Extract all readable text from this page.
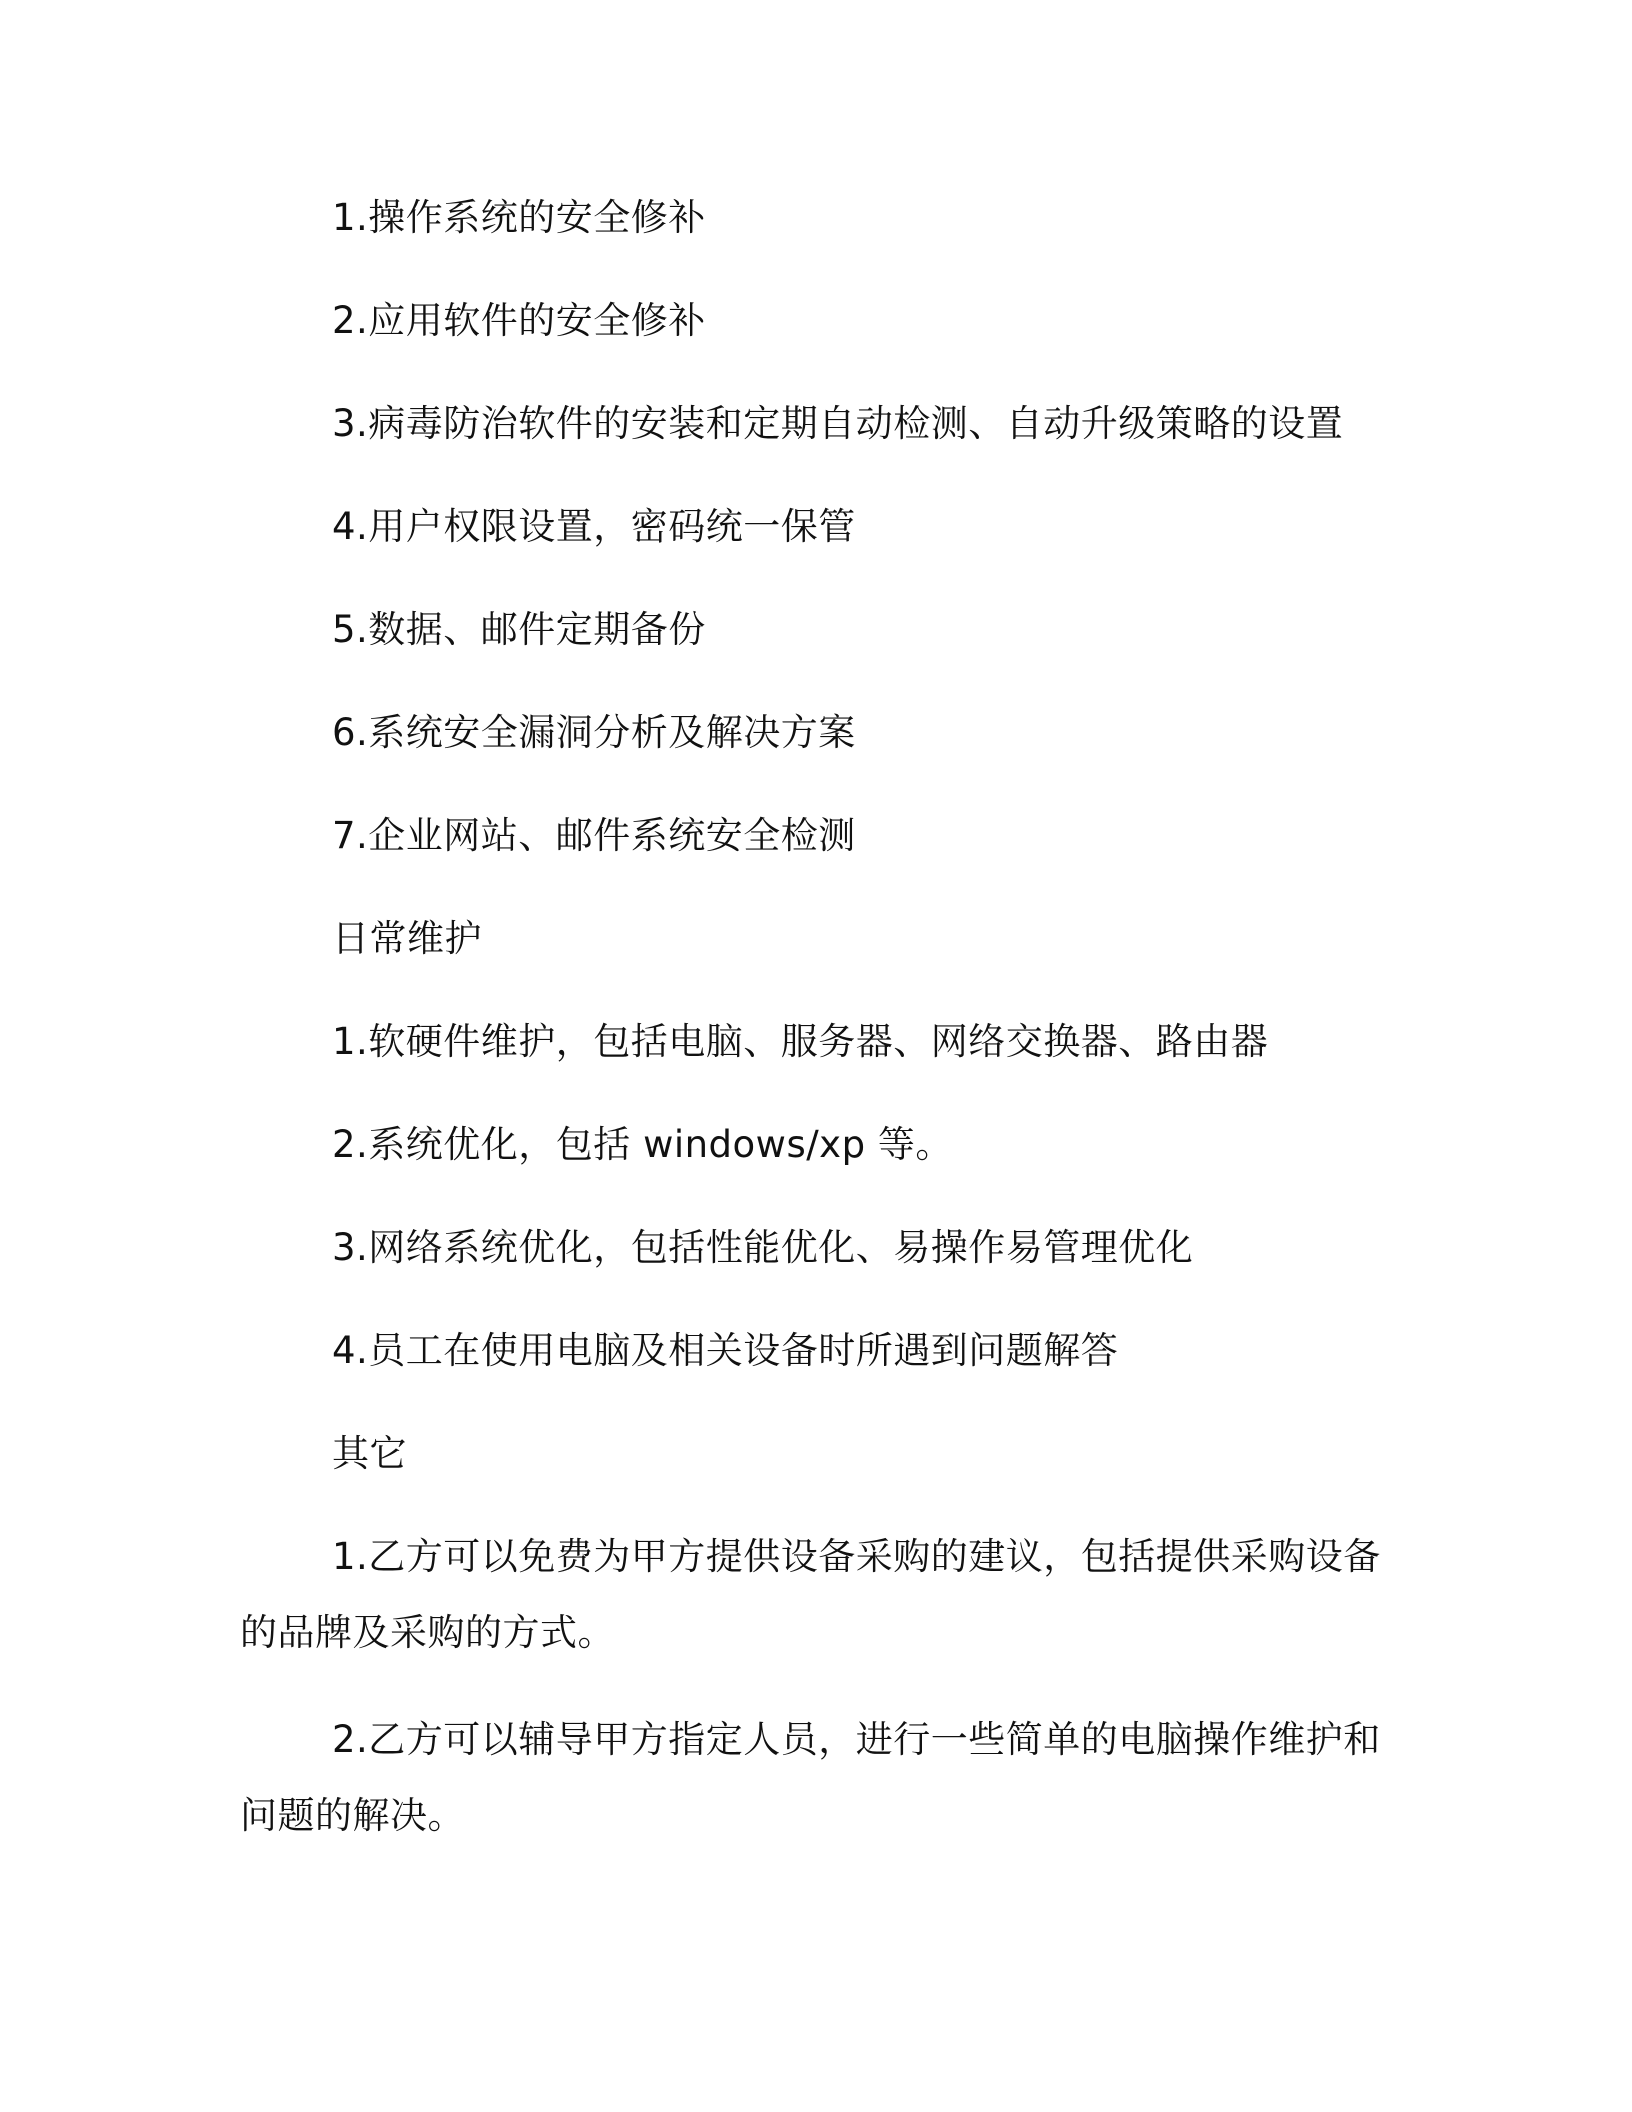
1.操作系统的安全修补
2.应用软件的安全修补
3.病毒防治软件的安装和定期自动检测、自动升级策略的设置
4.用户权限设置，密码统一保管
5.数据、邮件定期备份
6.系统安全漏洞分析及解决方案
7.企业网站、邮件系统安全检测
日常维护
1.软硬件维护，包括电脑、服务器、网络交换器、路由器
2.系统优化，包括 windows/xp 等。
3.网络系统优化，包括性能优化、易操作易管理优化
4.员工在使用电脑及相关设备时所遇到问题解答
其它
1.乙方可以免费为甲方提供设备采购的建议，包括提供采购设备
的品牌及采购的方式。
2.乙方可以辅导甲方指定人员，进行一些简单的电脑操作维护和
问题的解决。
